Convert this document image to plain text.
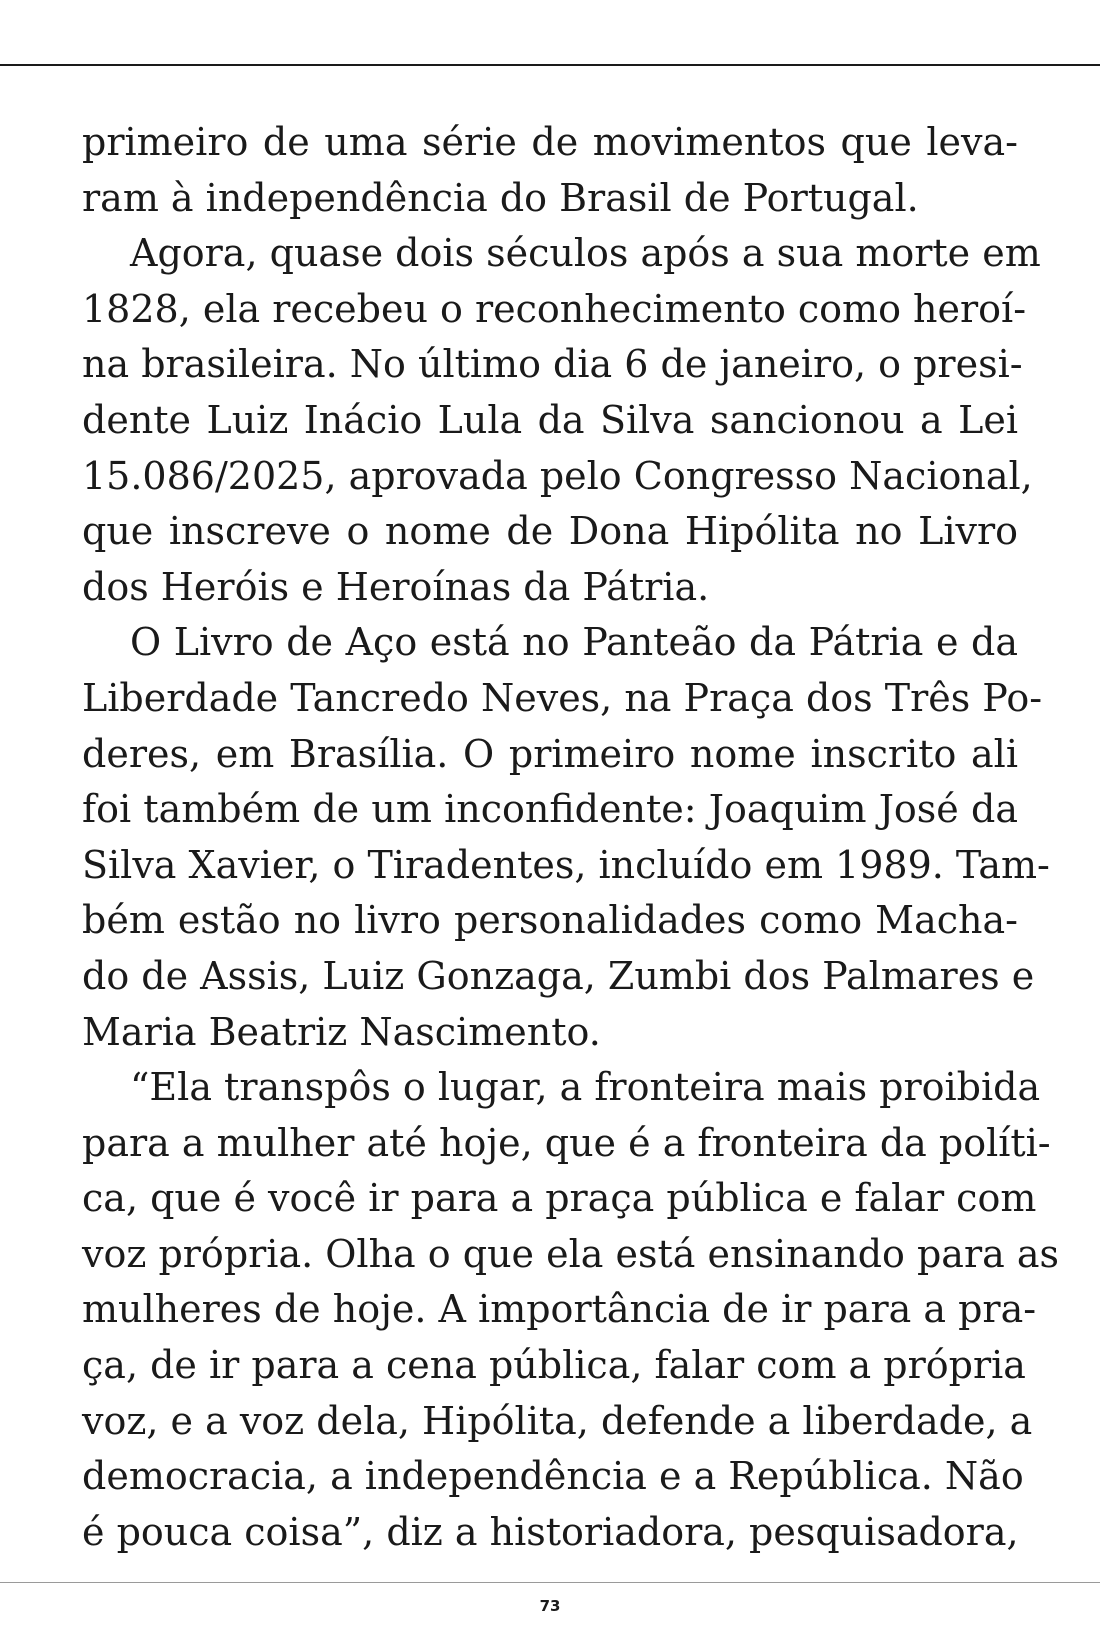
primeiro de uma série de movimentos que leva-
ram à independência do Brasil de Portugal.
Agora, quase dois séculos após a sua morte em
1828, ela recebeu o reconhecimento como heroí-
na brasileira. No último dia 6 de janeiro, o presi-
dente Luiz Inácio Lula da Silva sancionou a Lei
15.086/2025, aprovada pelo Congresso Nacional,
que inscreve o nome de Dona Hipólita no Livro
dos Heróis e Heroínas da Pátria.
O Livro de Aço está no Panteão da Pátria e da
Liberdade Tancredo Neves, na Praça dos Três Po-
deres, em Brasília. O primeiro nome inscrito ali
foi também de um inconfidente: Joaquim José da
Silva Xavier, o Tiradentes, incluído em 1989. Tam-
bém estão no livro personalidades como Macha-
do de Assis, Luiz Gonzaga, Zumbi dos Palmares e
Maria Beatriz Nascimento.
“Ela transpôs o lugar, a fronteira mais proibida
para a mulher até hoje, que é a fronteira da políti-
ca, que é você ir para a praça pública e falar com
voz própria. Olha o que ela está ensinando para as
mulheres de hoje. A importância de ir para a pra-
ça, de ir para a cena pública, falar com a própria
voz, e a voz dela, Hipólita, defende a liberdade, a
democracia, a independência e a República. Não
é pouca coisa”, diz a historiadora, pesquisadora,
73
